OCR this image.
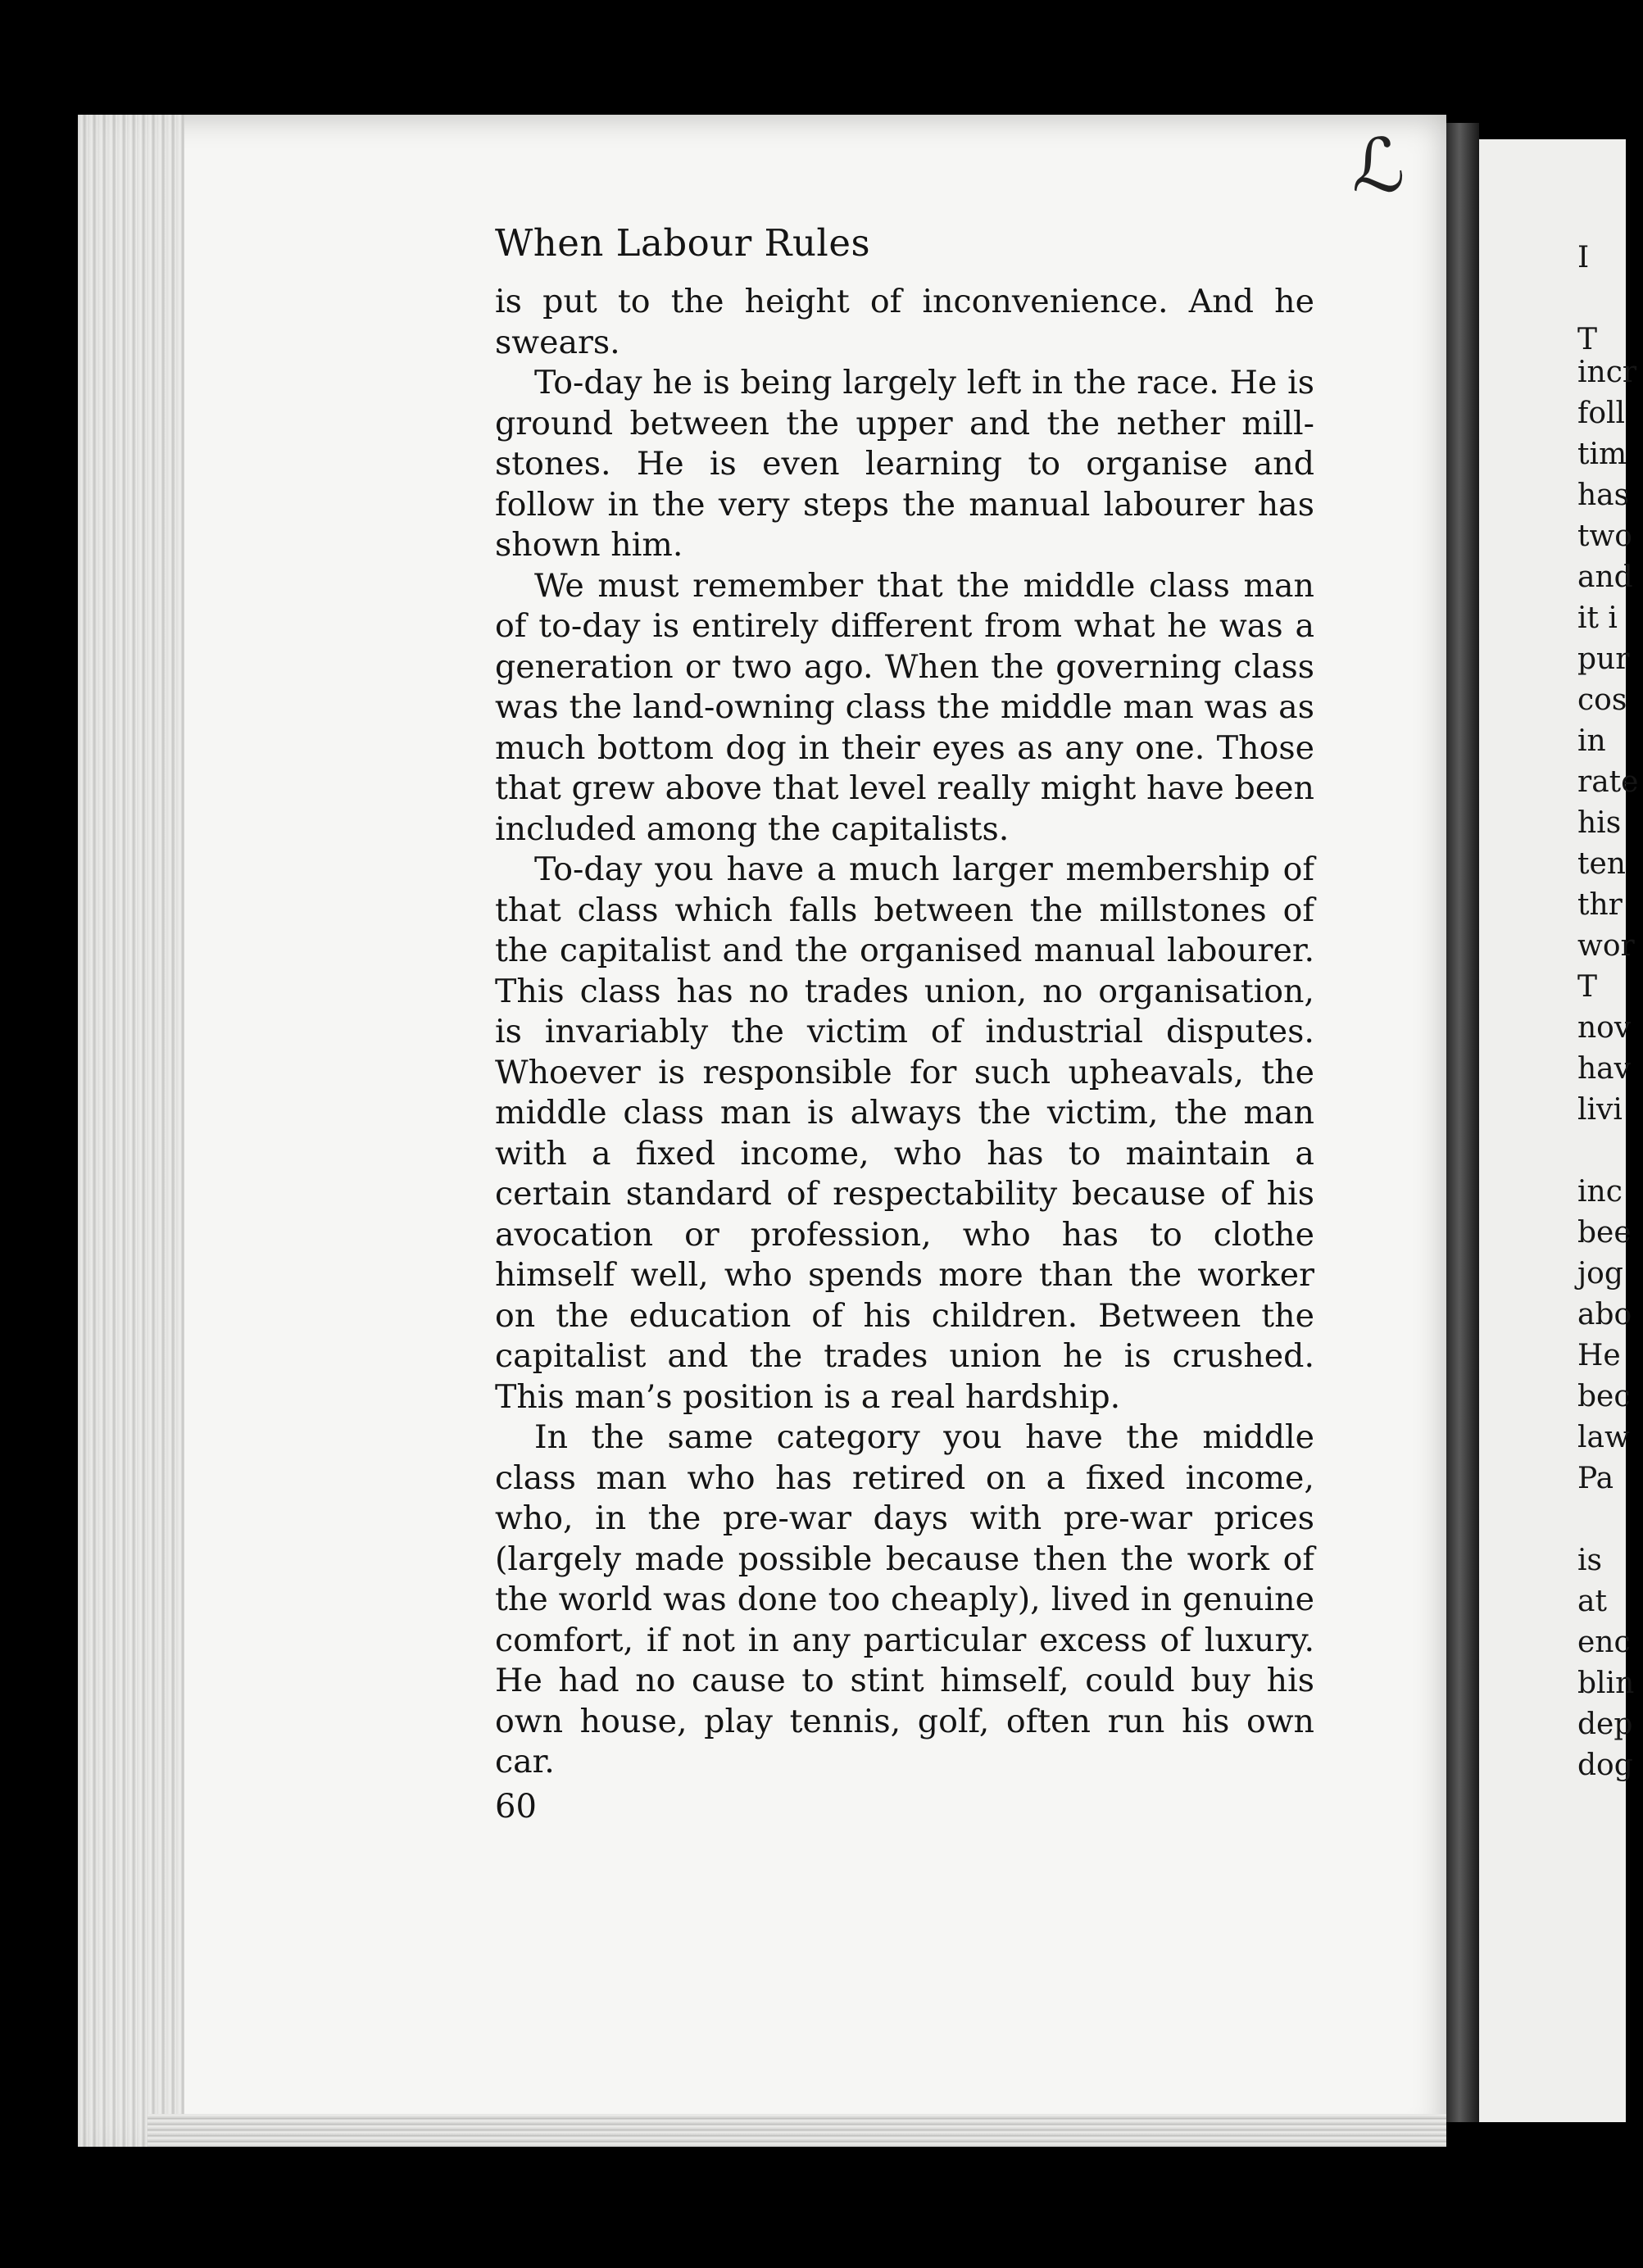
ℒ
I
T
incr
foll
tim
has
two
and
it i
pur
cos
in
rate
his
ten
thr
wor
T
nov
hav
livi
inc
bee
jog
abo
He
bec
law
Pa
is
at
enc
blin
dep
dog
When Labour Rules

is put to the height of inconvenience. And he swears.

To-day he is being largely left in the race. He is ground between the upper and the nether mill-stones. He is even learning to organise and follow in the very steps the manual labourer has shown him.

We must remember that the middle class man of to-day is entirely different from what he was a generation or two ago. When the governing class was the land-owning class the middle man was as much bottom dog in their eyes as any one. Those that grew above that level really might have been included among the capitalists.

To-day you have a much larger membership of that class which falls between the millstones of the capitalist and the organised manual labourer. This class has no trades union, no organisation, is invariably the victim of industrial disputes. Whoever is responsible for such upheavals, the middle class man is always the victim, the man with a fixed income, who has to maintain a certain standard of respectability because of his avocation or profession, who has to clothe himself well, who spends more than the worker on the education of his children. Between the capitalist and the trades union he is crushed. This man’s position is a real hardship.

In the same category you have the middle class man who has retired on a fixed income, who, in the pre-war days with pre-war prices (largely made possible because then the work of the world was done too cheaply), lived in genuine comfort, if not in any particular excess of luxury. He had no cause to stint himself, could buy his own house, play tennis, golf, often run his own car.

60
